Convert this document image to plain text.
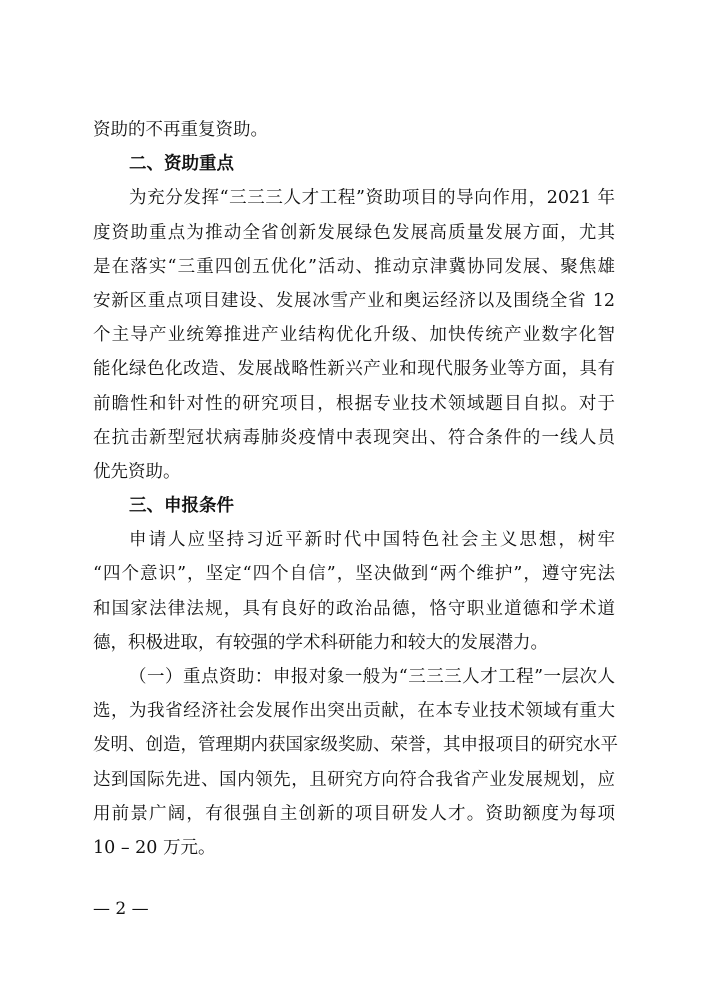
资助的不再重复资助。
二、资助重点
为充分发挥“三三三人才工程”资助项目的导向作用，2021 年
度资助重点为推动全省创新发展绿色发展高质量发展方面，尤其
是在落实“三重四创五优化”活动、推动京津冀协同发展、聚焦雄
安新区重点项目建设、发展冰雪产业和奥运经济以及围绕全省 12
个主导产业统筹推进产业结构优化升级、加快传统产业数字化智
能化绿色化改造、发展战略性新兴产业和现代服务业等方面，具有
前瞻性和针对性的研究项目，根据专业技术领域题目自拟。对于
在抗击新型冠状病毒肺炎疫情中表现突出、符合条件的一线人员
优先资助。
三、申报条件
申请人应坚持习近平新时代中国特色社会主义思想，树牢
“四个意识”，坚定“四个自信”，坚决做到“两个维护”，遵守宪法
和国家法律法规，具有良好的政治品德，恪守职业道德和学术道
德，积极进取，有较强的学术科研能力和较大的发展潜力。
（一）重点资助：申报对象一般为“三三三人才工程”一层次人
选，为我省经济社会发展作出突出贡献，在本专业技术领域有重大
发明、创造，管理期内获国家级奖励、荣誉，其申报项目的研究水平
达到国际先进、国内领先，且研究方向符合我省产业发展规划，应
用前景广阔，有很强自主创新的项目研发人才。资助额度为每项
10 – 20 万元。
— 2 —
